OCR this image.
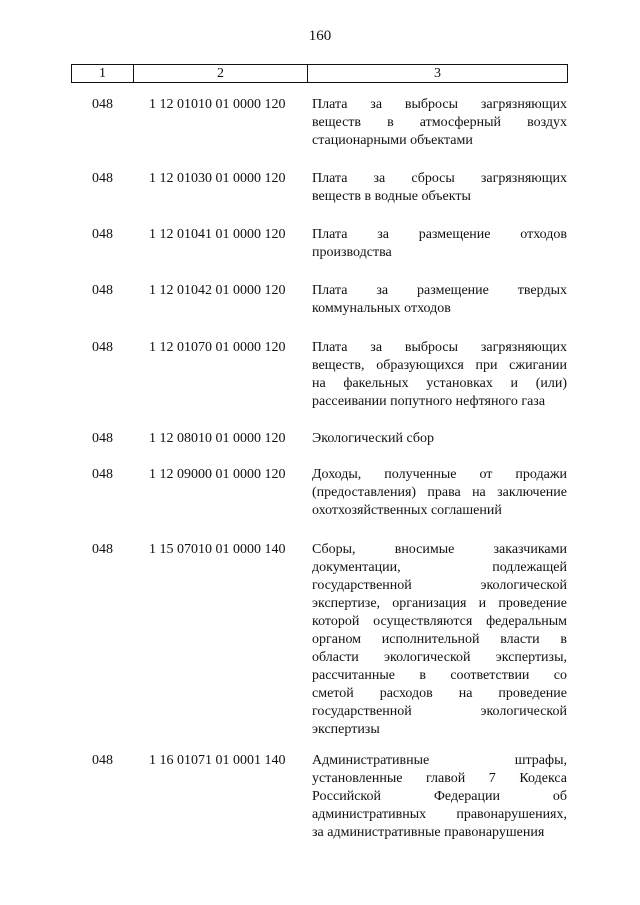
160
1	2	3
048	1 12 01010 01 0000 120 Плата за выбросы загрязняющих
веществ в атмосферный воздух
стационарными объектами
048	1 12 01030 01 0000 120 Плата за сбросы загрязняющих
веществ в водные объекты
048	1 12 01041 01 0000 120 Плата за размещение отходов
производства
048	1 12 01042 01 0000 120 Плата за размещение твердых
коммунальных отходов
048	1 12 01070 01 0000 120 Плата за выбросы загрязняющих
веществ, образующихся при сжигании
на факельных установках и (или)
рассеивании попутного нефтяного газа
048	1 12 08010 01 0000 120 Экологический сбор
048	1 12 09000 01 0000 120 Доходы, полученные от продажи
(предоставления) права на заключение
охотхозяйственных соглашений
048	1 15 07010 01 0000 140 Сборы, вносимые заказчиками
документации, подлежащей
государственной экологической
экспертизе, организация и проведение
которой осуществляются федеральным
органом исполнительной власти в
области экологической экспертизы,
рассчитанные в соответствии со
сметой расходов на проведение
государственной экологической
экспертизы
048	1 16 01071 01 0001 140 Административные штрафы,
установленные главой 7 Кодекса
Российской Федерации об
административных правонарушениях,
за административные правонарушения
